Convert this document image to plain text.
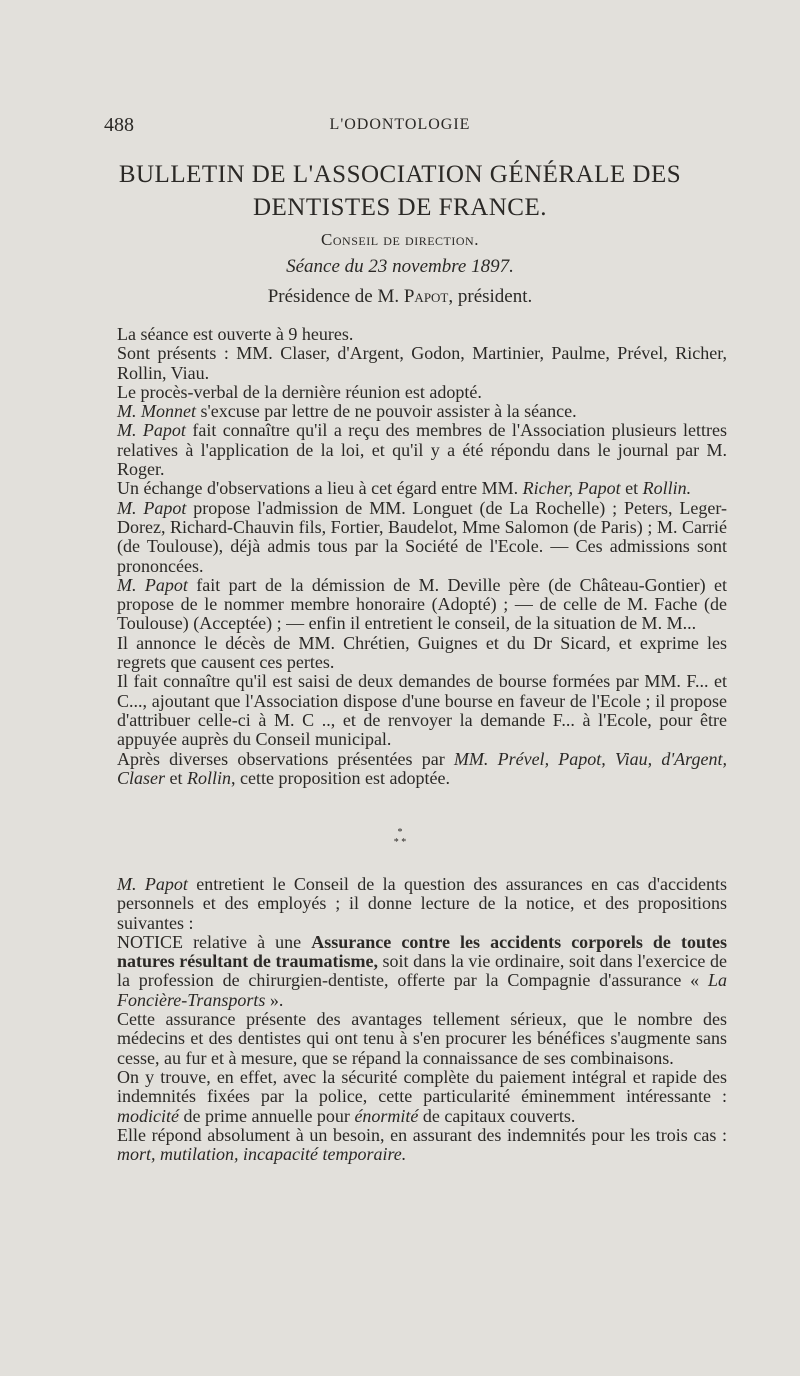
488	L'ODONTOLOGIE
BULLETIN DE L'ASSOCIATION GÉNÉRALE DES
DENTISTES DE FRANCE.
Conseil de direction.
Séance du 23 novembre 1897.
Présidence de M. Papot, président.

La séance est ouverte à 9 heures.

Sont présents : MM. Claser, d'Argent, Godon, Martinier, Paulme, Prével, Richer, Rollin, Viau.

Le procès-verbal de la dernière réunion est adopté.

M. Monnet s'excuse par lettre de ne pouvoir assister à la séance.

M. Papot fait connaître qu'il a reçu des membres de l'Association plusieurs lettres relatives à l'application de la loi, et qu'il y a été répondu dans le journal par M. Roger.

Un échange d'observations a lieu à cet égard entre MM. Richer, Papot et Rollin.

M. Papot propose l'admission de MM. Longuet (de La Rochelle) ; Peters, Leger-Dorez, Richard-Chauvin fils, Fortier, Baudelot, Mme Salomon (de Paris) ; M. Carrié (de Toulouse), déjà admis tous par la Société de l'Ecole. — Ces admissions sont prononcées.

M. Papot fait part de la démission de M. Deville père (de Château-Gontier) et propose de le nommer membre honoraire (Adopté) ; — de celle de M. Fache (de Toulouse) (Acceptée) ; — enfin il entretient le conseil, de la situation de M. M...

Il annonce le décès de MM. Chrétien, Guignes et du Dr Sicard, et exprime les regrets que causent ces pertes.

Il fait connaître qu'il est saisi de deux demandes de bourse formées par MM. F... et C..., ajoutant que l'Association dispose d'une bourse en faveur de l'Ecole ; il propose d'attribuer celle-ci à M. C .., et de renvoyer la demande F... à l'Ecole, pour être appuyée auprès du Conseil municipal.

Après diverses observations présentées par MM. Prével, Papot, Viau, d'Argent, Claser et Rollin, cette proposition est adoptée.

*
* *

M. Papot entretient le Conseil de la question des assurances en cas d'accidents personnels et des employés ; il donne lecture de la notice, et des propositions suivantes :

NOTICE relative à une Assurance contre les accidents corporels de toutes natures résultant de traumatisme, soit dans la vie ordinaire, soit dans l'exercice de la profession de chirurgien-dentiste, offerte par la Compagnie d'assurance « La Foncière-Transports ».

Cette assurance présente des avantages tellement sérieux, que le nombre des médecins et des dentistes qui ont tenu à s'en procurer les bénéfices s'augmente sans cesse, au fur et à mesure, que se répand la connaissance de ses combinaisons.

On y trouve, en effet, avec la sécurité complète du paiement intégral et rapide des indemnités fixées par la police, cette particularité éminemment intéressante : modicité de prime annuelle pour énormité de capitaux couverts.

Elle répond absolument à un besoin, en assurant des indemnités pour les trois cas : mort, mutilation, incapacité temporaire.
